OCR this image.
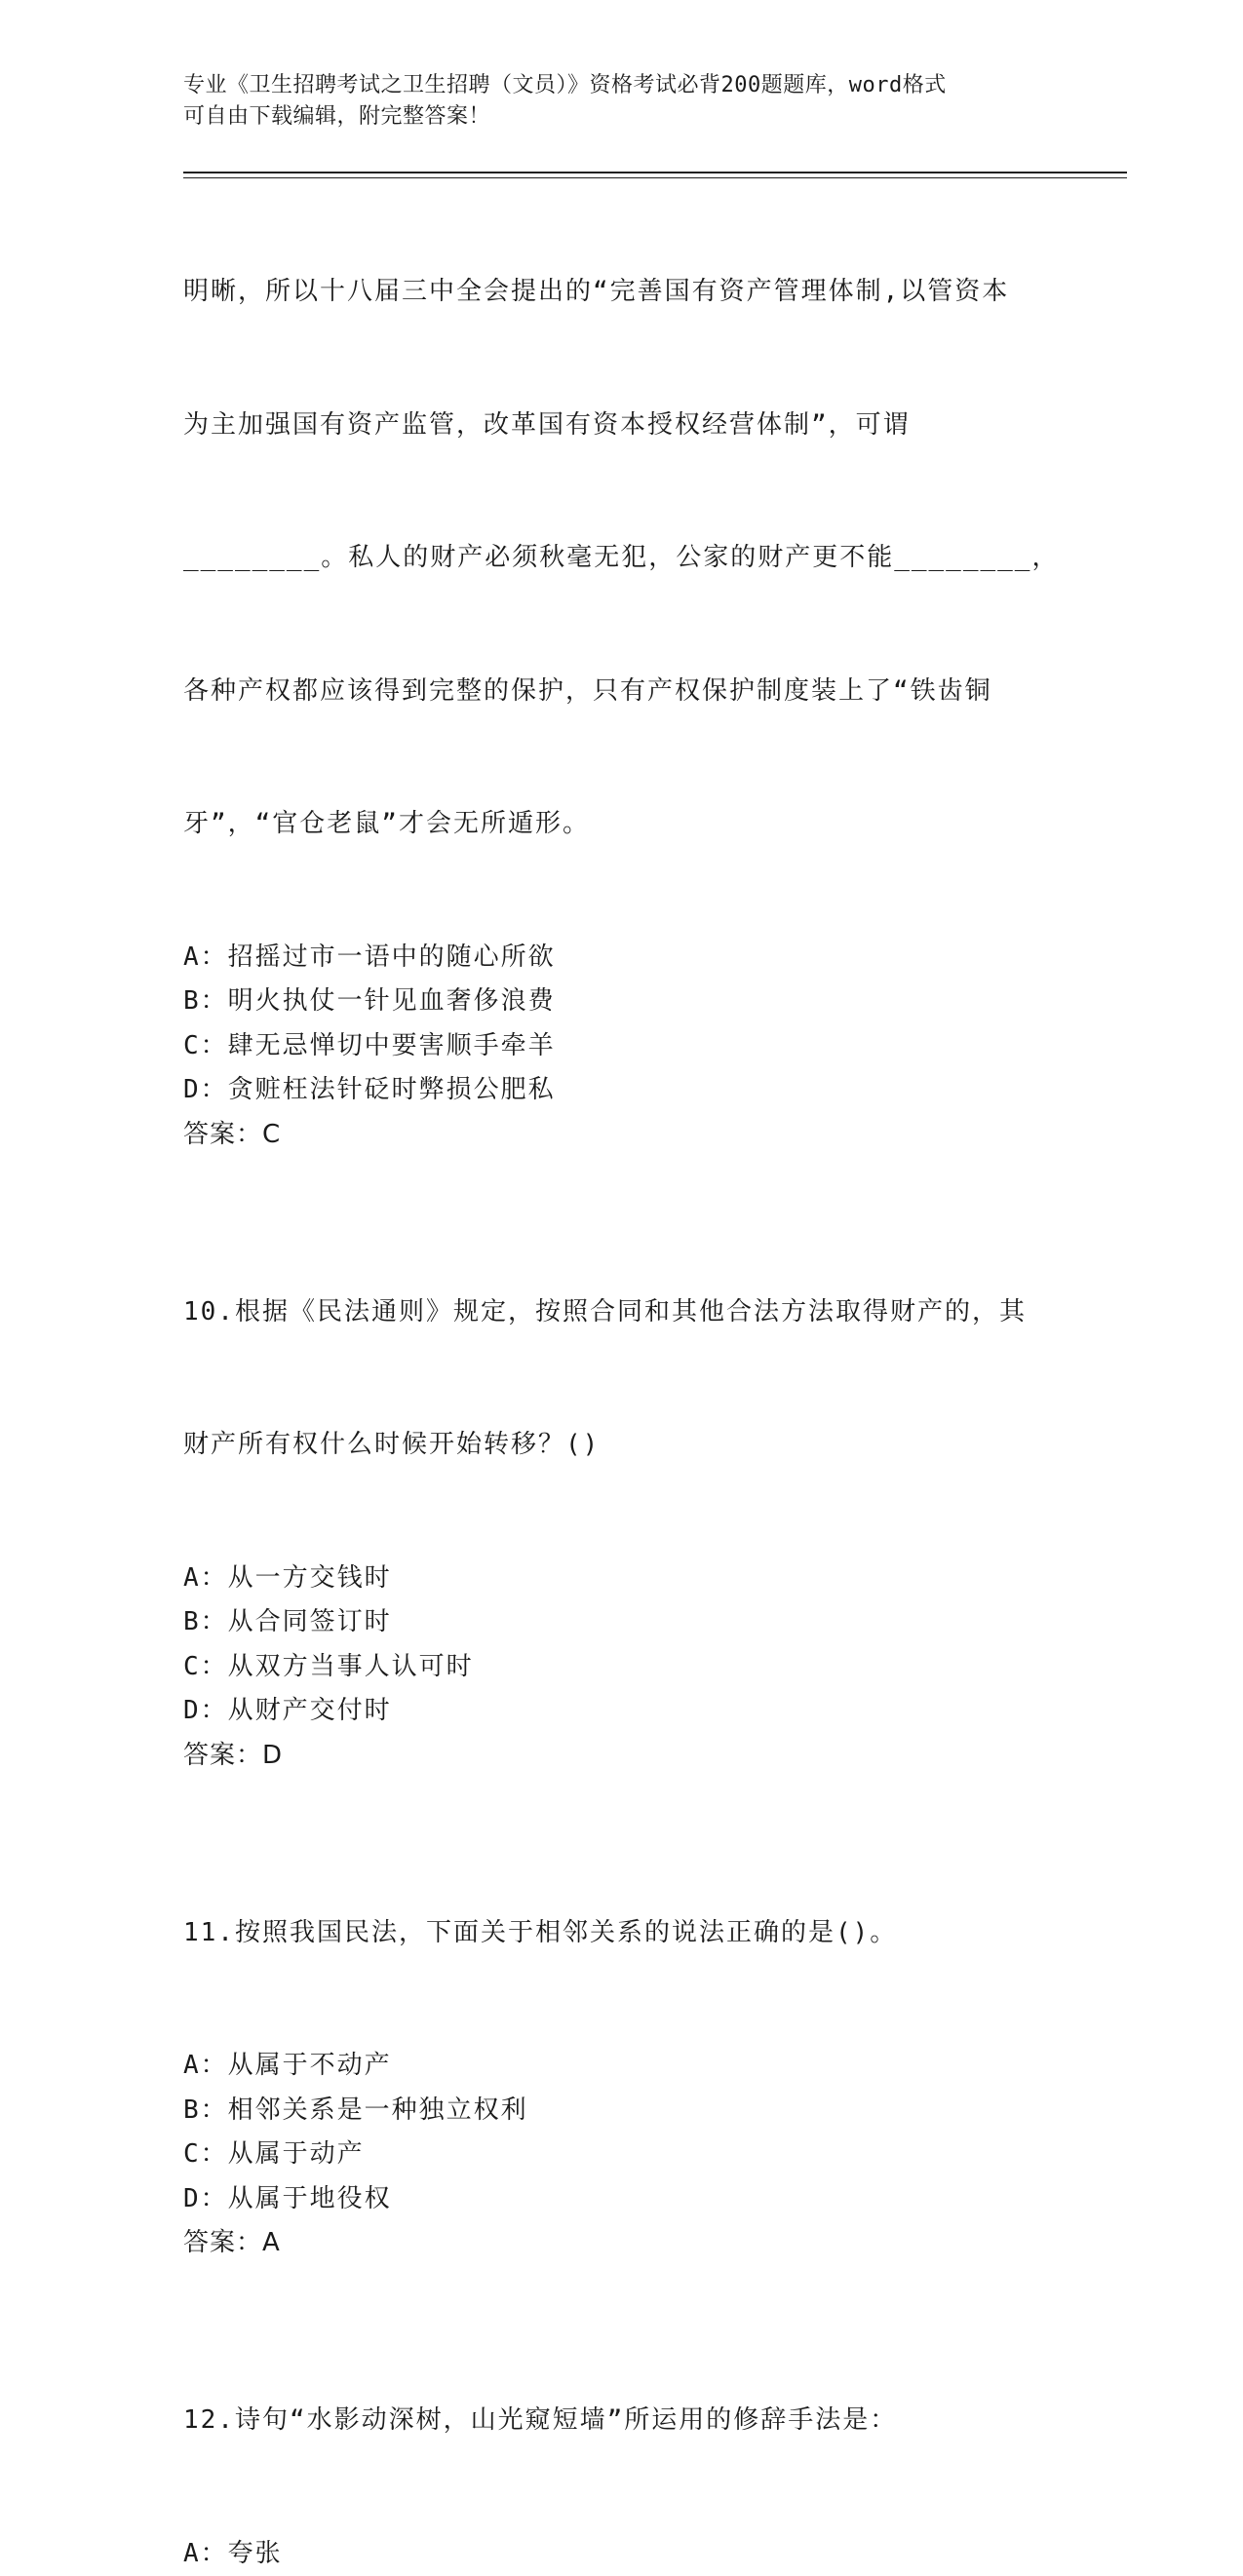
专业《卫生招聘考试之卫生招聘（文员）》资格考试必背200题题库，word格式
可自由下载编辑，附完整答案！

明晰，所以十八届三中全会提出的“完善国有资产管理体制,以管资本

为主加强国有资产监管，改革国有资本授权经营体制”，可谓

________。私人的财产必须秋毫无犯，公家的财产更不能________，

各种产权都应该得到完整的保护，只有产权保护制度装上了“铁齿铜

牙”，“官仓老鼠”才会无所遁形。

A：招摇过市一语中的随心所欲
B：明火执仗一针见血奢侈浪费
C：肆无忌惮切中要害顺手牵羊
D：贪赃枉法针砭时弊损公肥私
答案：C

10.根据《民法通则》规定，按照合同和其他合法方法取得财产的，其

财产所有权什么时候开始转移？()

A：从一方交钱时
B：从合同签订时
C：从双方当事人认可时
D：从财产交付时
答案：D

11.按照我国民法，下面关于相邻关系的说法正确的是()。

A：从属于不动产
B：相邻关系是一种独立权利
C：从属于动产
D：从属于地役权
答案：A

12.诗句“水影动深树，山光窥短墙”所运用的修辞手法是：

A：夸张
